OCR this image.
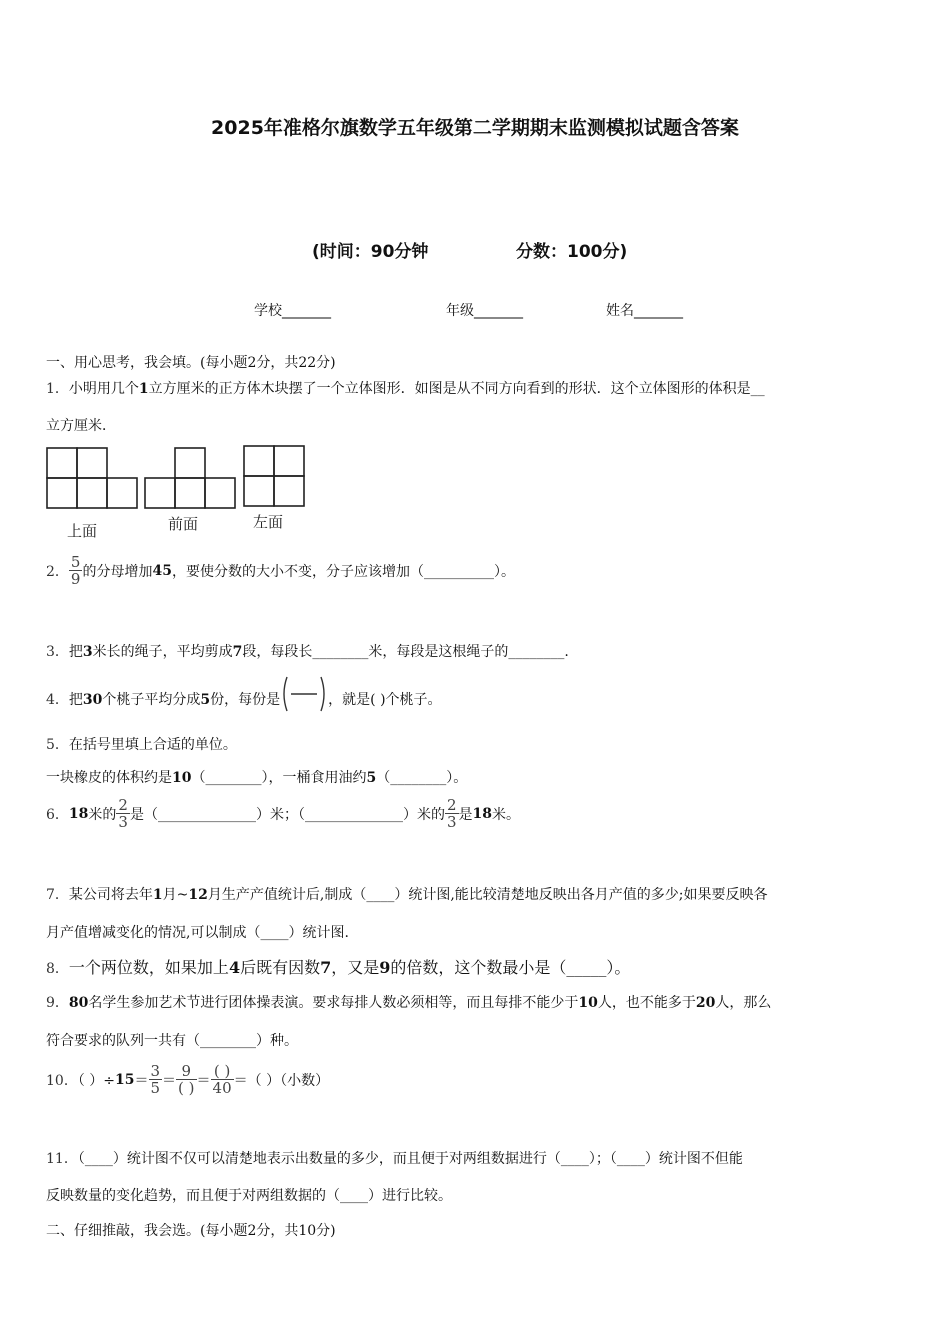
2025年准格尔旗数学五年级第二学期期末监测模拟试题含答案
(时间：90分钟	分数：100分)
学校_______	年级_______	姓名_______
一、用心思考，我会填。(每小题2分，共22分)
1．小明用几个1立方厘米的正方体木块摆了一个立体图形．如图是从不同方向看到的形状．这个立体图形的体积是__
立方厘米．
上面	前面	左面
2． $\frac{5}{9}$ 的分母增加45，要使分数的大小不变，分子应该增加（__________）。
3．把3米长的绳子，平均剪成7段，每段长________米，每段是这根绳子的________.
4．把30个桃子平均分成5份，每份是	，就是( )个桃子。
5．在括号里填上合适的单位。
一块橡皮的体积约是10（________），一桶食用油约5（________）。
6．18米的 $\frac{2}{3}$ 是（______________）米；（______________）米的 $\frac{2}{3}$ 是18米。
7．某公司将去年1月~12月生产产值统计后,制成（____）统计图,能比较清楚地反映出各月产值的多少;如果要反映各
月产值增减变化的情况,可以制成（____）统计图.
8．一个两位数，如果加上4后既有因数7，又是9的倍数，这个数最小是（_____）。
9．80名学生参加艺术节进行团体操表演。要求每排人数必须相等，而且每排不能少于10人，也不能多于20人，那么
符合要求的队列一共有（________）种。
10．（ ）$\div 15= \frac{3}{5} = \frac{9}{( )} = \frac{( )}{40}$ ＝（ ）（小数）
11．（____）统计图不仅可以清楚地表示出数量的多少，而且便于对两组数据进行（____）；（____）统计图不但能
反映数量的变化趋势，而且便于对两组数据的（____）进行比较。
二、仔细推敲，我会选。(每小题2分，共10分)
